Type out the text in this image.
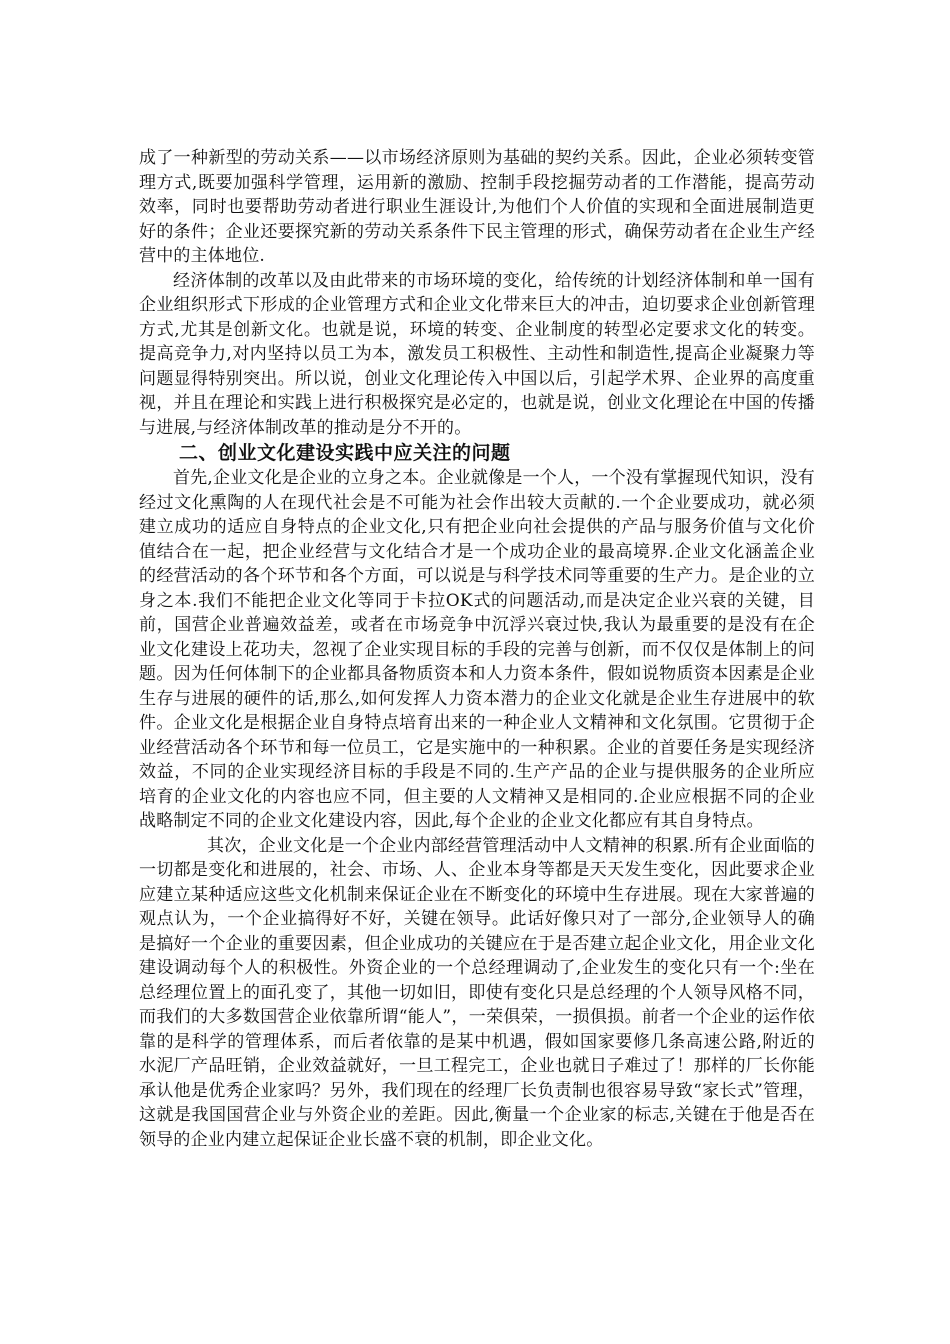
成了一种新型的劳动关系——以市场经济原则为基础的契约关系。因此，企业必须转变管理方式,既要加强科学管理，运用新的激励、控制手段挖掘劳动者的工作潜能，提高劳动效率，同时也要帮助劳动者进行职业生涯设计,为他们个人价值的实现和全面进展制造更好的条件；企业还要探究新的劳动关系条件下民主管理的形式，确保劳动者在企业生产经营中的主体地位.

经济体制的改革以及由此带来的市场环境的变化，给传统的计划经济体制和单一国有企业组织形式下形成的企业管理方式和企业文化带来巨大的冲击，迫切要求企业创新管理方式,尤其是创新文化。也就是说，环境的转变、企业制度的转型必定要求文化的转变。提高竞争力,对内坚持以员工为本，激发员工积极性、主动性和制造性,提高企业凝聚力等问题显得特别突出。所以说，创业文化理论传入中国以后，引起学术界、企业界的高度重视，并且在理论和实践上进行积极探究是必定的，也就是说，创业文化理论在中国的传播与进展,与经济体制改革的推动是分不开的。

二、创业文化建设实践中应关注的问题

首先,企业文化是企业的立身之本。企业就像是一个人，一个没有掌握现代知识，没有经过文化熏陶的人在现代社会是不可能为社会作出较大贡献的.一个企业要成功，就必须建立成功的适应自身特点的企业文化,只有把企业向社会提供的产品与服务价值与文化价值结合在一起，把企业经营与文化结合才是一个成功企业的最高境界.企业文化涵盖企业的经营活动的各个环节和各个方面，可以说是与科学技术同等重要的生产力。是企业的立身之本.我们不能把企业文化等同于卡拉OK式的问题活动,而是决定企业兴衰的关键，目前，国营企业普遍效益差，或者在市场竞争中沉浮兴衰过快,我认为最重要的是没有在企业文化建设上花功夫，忽视了企业实现目标的手段的完善与创新，而不仅仅是体制上的问题。因为任何体制下的企业都具备物质资本和人力资本条件，假如说物质资本因素是企业生存与进展的硬件的话,那么,如何发挥人力资本潜力的企业文化就是企业生存进展中的软件。企业文化是根据企业自身特点培育出来的一种企业人文精神和文化氛围。它贯彻于企业经营活动各个环节和每一位员工，它是实施中的一种积累。企业的首要任务是实现经济效益，不同的企业实现经济目标的手段是不同的.生产产品的企业与提供服务的企业所应培育的企业文化的内容也应不同，但主要的人文精神又是相同的.企业应根据不同的企业战略制定不同的企业文化建设内容，因此,每个企业的企业文化都应有其自身特点。

其次，企业文化是一个企业内部经营管理活动中人文精神的积累.所有企业面临的一切都是变化和进展的，社会、市场、人、企业本身等都是天天发生变化，因此要求企业应建立某种适应这些文化机制来保证企业在不断变化的环境中生存进展。现在大家普遍的观点认为，一个企业搞得好不好，关键在领导。此话好像只对了一部分,企业领导人的确是搞好一个企业的重要因素，但企业成功的关键应在于是否建立起企业文化，用企业文化建设调动每个人的积极性。外资企业的一个总经理调动了,企业发生的变化只有一个:坐在总经理位置上的面孔变了，其他一切如旧，即使有变化只是总经理的个人领导风格不同，而我们的大多数国营企业依靠所谓“能人”，一荣俱荣，一损俱损。前者一个企业的运作依靠的是科学的管理体系，而后者依靠的是某中机遇，假如国家要修几条高速公路,附近的水泥厂产品旺销，企业效益就好，一旦工程完工，企业也就日子难过了！那样的厂长你能承认他是优秀企业家吗？另外，我们现在的经理厂长负责制也很容易导致“家长式”管理，这就是我国国营企业与外资企业的差距。因此,衡量一个企业家的标志,关键在于他是否在领导的企业内建立起保证企业长盛不衰的机制，即企业文化。
